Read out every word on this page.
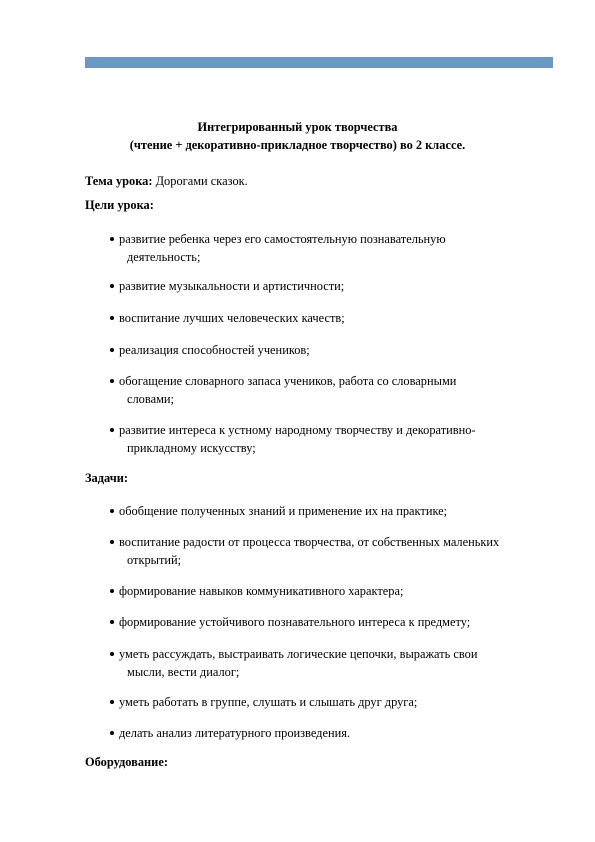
Интегрированный урок творчества
(чтение + декоративно-прикладное творчество) во 2 классе.
Тема урока: Дорогами сказок.
Цели урока:
развитие ребенка через его самостоятельную познавательную
деятельность;
развитие музыкальности и артистичности;
воспитание лучших человеческих качеств;
реализация способностей учеников;
обогащение словарного запаса учеников, работа со словарными
словами;
развитие интереса к устному народному творчеству и декоративно-
прикладному искусству;
Задачи:
обобщение полученных знаний и применение их на практике;
воспитание радости от процесса творчества, от собственных маленьких
открытий;
формирование навыков коммуникативного характера;
формирование устойчивого познавательного интереса к предмету;
уметь рассуждать, выстраивать логические цепочки, выражать свои
мысли, вести диалог;
уметь работать в группе, слушать и слышать друг друга;
делать анализ литературного произведения.
Оборудование:
